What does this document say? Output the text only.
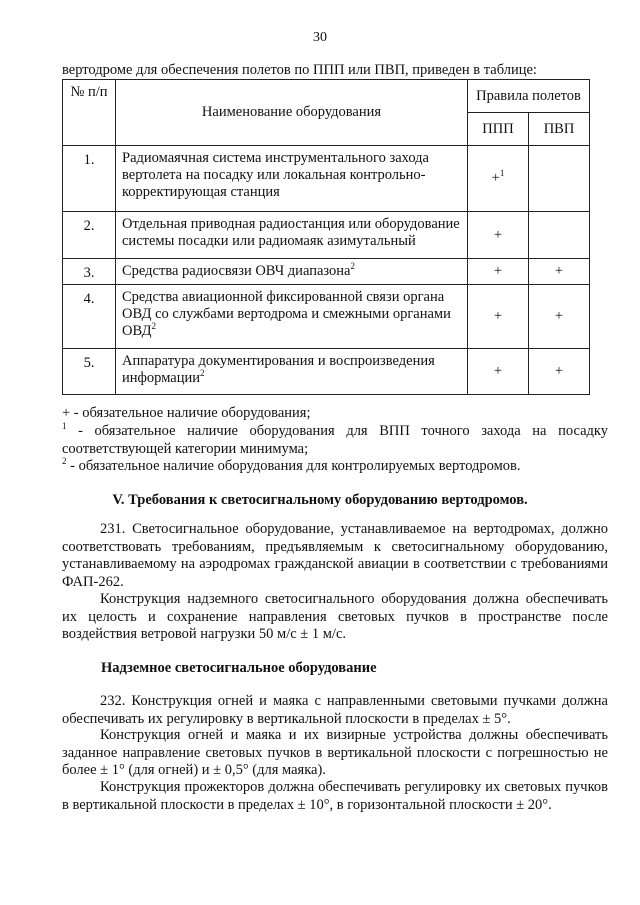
30
вертодроме для обеспечения полетов по ППП или ПВП, приведен в таблице:
№ п/п	Наименование оборудования	Правила полетов	
		ППП	ПВП
1.	Радиомаячная система инструментального захода вертолета на посадку или локальная контрольно-корректирующая станция	+$^1$	
2.	Отдельная приводная радиостанция или оборудование системы посадки или радиомаяк азимутальный	+	
3.	Средства радиосвязи ОВЧ диапазона$^2$	+	+
4.	Средства авиационной фиксированной связи органа ОВД со службами вертодрома и смежными органами $ОВД^2$	+	+
5.	Аппаратура документирования и воспроизведения информации$^2$	+	+
+ - обязательное наличие оборудования;
$^1$ - обязательное наличие оборудования для ВПП точного захода на посадку соответствующей категории минимума;
$^2$ - обязательное наличие оборудования для контролируемых вертодромов.
V. Требования к светосигнальному оборудованию вертодромов.

231. Светосигнальное оборудование, устанавливаемое на вертодромах, должно соответствовать требованиям, предъявляемым к светосигнальному оборудованию, устанавливаемому на аэродромах гражданской авиации в соответствии с требованиями ФАП-262.

Конструкция надземного светосигнального оборудования должна обеспечивать их целость и сохранение направления световых пучков в пространстве после воздействия ветровой нагрузки 50 м/с ± 1 м/с.

Надземное светосигнальное оборудование

232. Конструкция огней и маяка с направленными световыми пучками должна обеспечивать их регулировку в вертикальной плоскости в пределах ± 5°.

Конструкция огней и маяка и их визирные устройства должны обеспечивать заданное направление световых пучков в вертикальной плоскости с погрешностью не более ± 1° (для огней) и ± 0,5° (для маяка).

Конструкция прожекторов должна обеспечивать регулировку их световых пучков в вертикальной плоскости в пределах ± 10°, в горизонтальной плоскости ± 20°.
